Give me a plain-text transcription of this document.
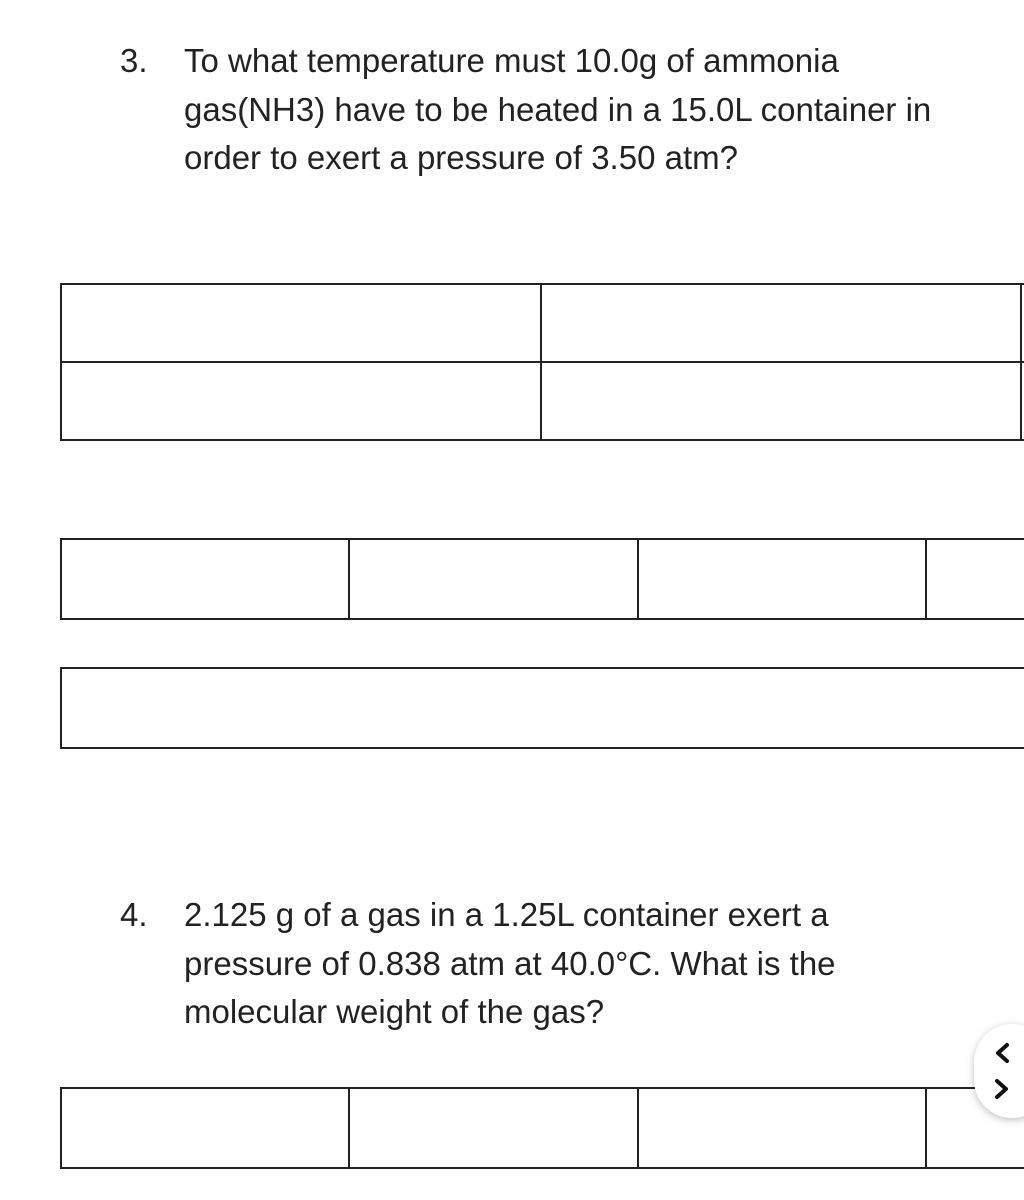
3.	To what temperature must 10.0g of ammonia gas(NH3) have to be heated in a 15.0L container in order to exert a pressure of 3.50 atm?
4.	2.125 g of a gas in a 1.25L container exert a pressure of 0.838 atm at 40.0°C. What is the molecular weight of the gas?
